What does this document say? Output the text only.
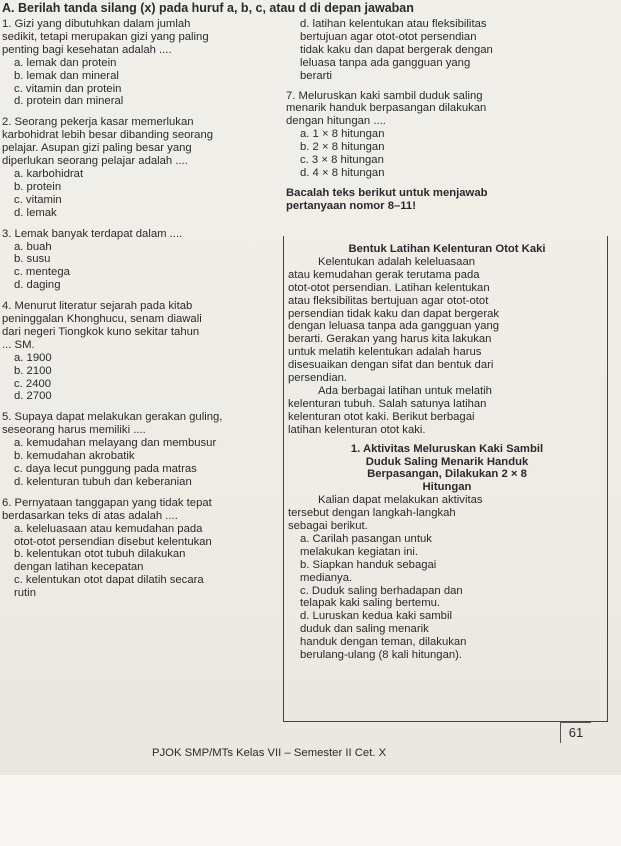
A. Berilah tanda silang (x) pada huruf a, b, c, atau d di depan jawaban
1. Gizi yang dibutuhkan dalam jumlah
sedikit, tetapi merupakan gizi yang paling
penting bagi kesehatan adalah ....
a. lemak dan protein
b. lemak dan mineral
c. vitamin dan protein
d. protein dan mineral
2. Seorang pekerja kasar memerlukan
karbohidrat lebih besar dibanding seorang
pelajar. Asupan gizi paling besar yang
diperlukan seorang pelajar adalah ....
a. karbohidrat
b. protein
c. vitamin
d. lemak
3. Lemak banyak terdapat dalam ....
a. buah
b. susu
c. mentega
d. daging
4. Menurut literatur sejarah pada kitab
peninggalan Khonghucu, senam diawali
dari negeri Tiongkok kuno sekitar tahun
... SM.
a. 1900
b. 2100
c. 2400
d. 2700
5. Supaya dapat melakukan gerakan guling,
seseorang harus memiliki ....
a. kemudahan melayang dan membusur
b. kemudahan akrobatik
c. daya lecut punggung pada matras
d. kelenturan tubuh dan keberanian
6. Pernyataan tanggapan yang tidak tepat
berdasarkan teks di atas adalah ....
a. keleluasaan atau kemudahan pada
otot-otot persendian disebut kelentukan
b. kelentukan otot tubuh dilakukan
dengan latihan kecepatan
c. kelentukan otot dapat dilatih secara
rutin
d. latihan kelentukan atau fleksibilitas
bertujuan agar otot-otot persendian
tidak kaku dan dapat bergerak dengan
leluasa tanpa ada gangguan yang
berarti
7. Meluruskan kaki sambil duduk saling
menarik handuk berpasangan dilakukan
dengan hitungan ....
a. 1 × 8 hitungan
b. 2 × 8 hitungan
c. 3 × 8 hitungan
d. 4 × 8 hitungan
Bacalah teks berikut untuk menjawab
pertanyaan nomor 8–11!
Bentuk Latihan Kelenturan Otot Kaki
Kelentukan adalah keleluasaan
atau kemudahan gerak terutama pada
otot-otot persendian. Latihan kelentukan
atau fleksibilitas bertujuan agar otot-otot
persendian tidak kaku dan dapat bergerak
dengan leluasa tanpa ada gangguan yang
berarti. Gerakan yang harus kita lakukan
untuk melatih kelentukan adalah harus
disesuaikan dengan sifat dan bentuk dari
persendian.
Ada berbagai latihan untuk melatih
kelenturan tubuh. Salah satunya latihan
kelenturan otot kaki. Berikut berbagai
latihan kelenturan otot kaki.
1. Aktivitas Meluruskan Kaki Sambil
Duduk Saling Menarik Handuk
Berpasangan, Dilakukan 2 × 8
Hitungan
Kalian dapat melakukan aktivitas
tersebut dengan langkah-langkah
sebagai berikut.
a. Carilah pasangan untuk
melakukan kegiatan ini.
b. Siapkan handuk sebagai
medianya.
c. Duduk saling berhadapan dan
telapak kaki saling bertemu.
d. Luruskan kedua kaki sambil
duduk dan saling menarik
handuk dengan teman, dilakukan
berulang-ulang (8 kali hitungan).
61
PJOK SMP/MTs Kelas VII – Semester II Cet. X
